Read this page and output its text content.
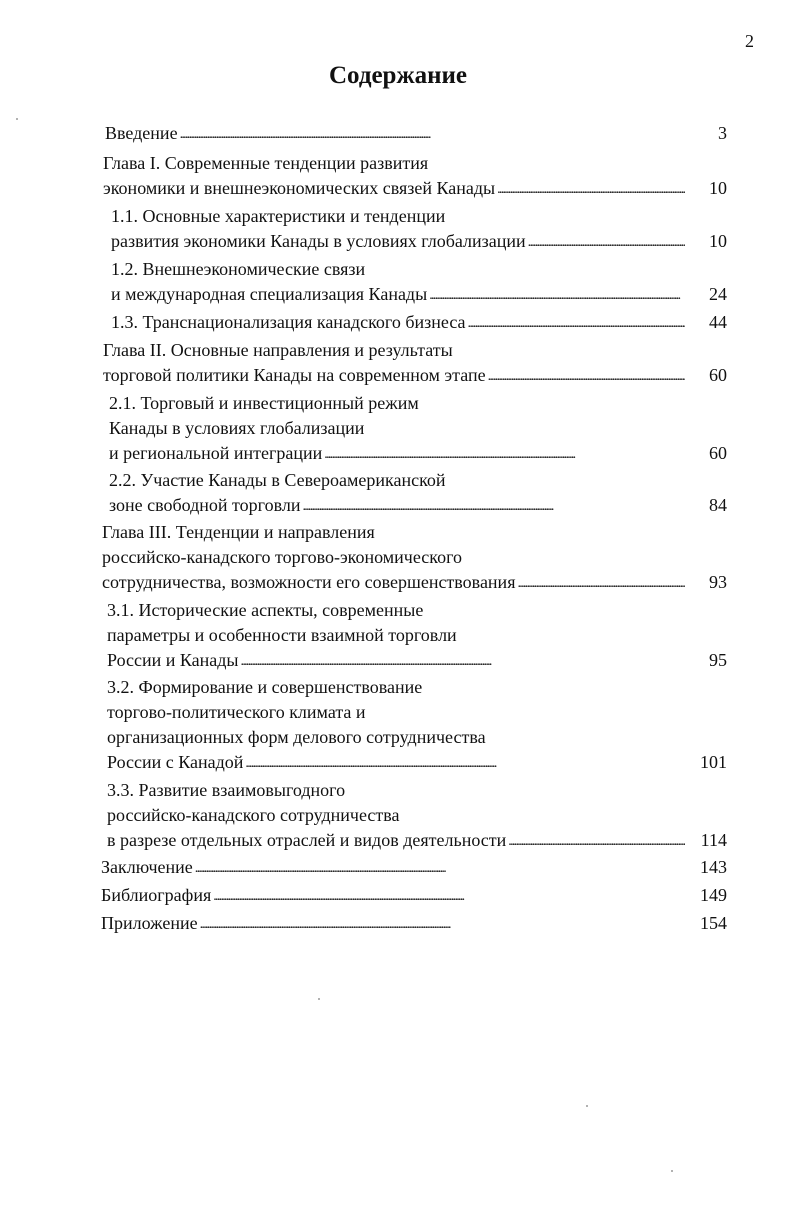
2
Содержание
Введение . . .	3
Глава I. Современные тенденции развития
экономики и внешнеэкономических связей Канады . . .	10
1.1. Основные характеристики и тенденции
развития экономики Канады в условиях глобализации . . .	10
1.2. Внешнеэкономические связи
и международная специализация Канады . . .	24
1.3. Транснационализация канадского бизнеса . . .	44
Глава II. Основные направления и результаты
торговой политики Канады на современном этапе . . .	60
2.1. Торговый и инвестиционный режим
Канады в условиях глобализации
и региональной интеграции . . .	60
2.2. Участие Канады в Североамериканской
зоне свободной торговли . . .	84
Глава III. Тенденции и направления
российско-канадского торгово-экономического
сотрудничества, возможности его совершенствования . . .	93
3.1. Исторические аспекты, современные
параметры и особенности взаимной торговли
России и Канады . . .	95
3.2. Формирование и совершенствование
торгово-политического климата и
организационных форм делового сотрудничества
России с Канадой . . .	101
3.3. Развитие взаимовыгодного
российско-канадского сотрудничества
в разрезе отдельных отраслей и видов деятельности . . .	114
Заключение . . .	143
Библиография . . .	149
Приложение . . .	154
